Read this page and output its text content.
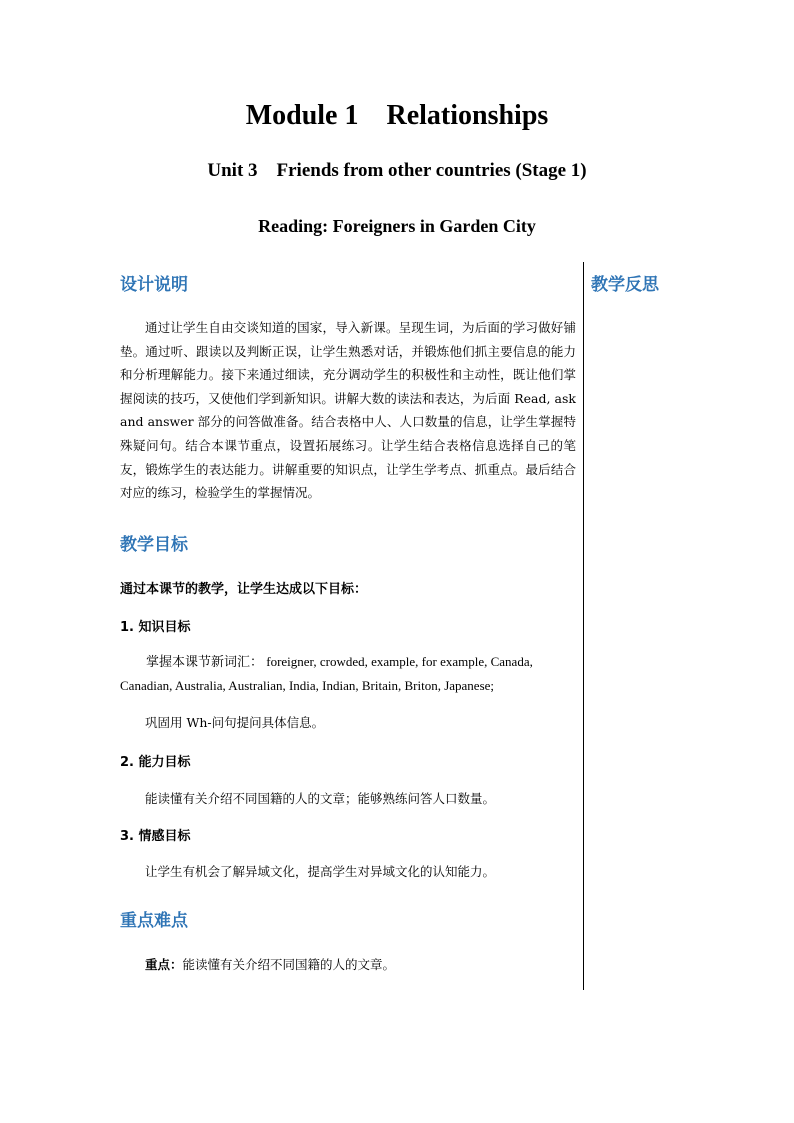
Module 1    Relationships
Unit 3    Friends from other countries (Stage 1)
Reading: Foreigners in Garden City
设计说明	教学反思
通过让学生自由交谈知道的国家，导入新课。呈现生词，为后面的学习做好铺垫。通过听、跟读以及判断正误，让学生熟悉对话，并锻炼他们抓主要信息的能力和分析理解能力。接下来通过细读，充分调动学生的积极性和主动性，既让他们掌握阅读的技巧，又使他们学到新知识。讲解大数的读法和表达，为后面 Read, ask and answer 部分的问答做准备。结合表格中人、人口数量的信息，让学生掌握特殊疑问句。结合本课节重点，设置拓展练习。让学生结合表格信息选择自己的笔友，锻炼学生的表达能力。讲解重要的知识点，让学生学考点、抓重点。最后结合对应的练习，检验学生的掌握情况。
教学目标
通过本课节的教学，让学生达成以下目标：
1. 知识目标
掌握本课节新词汇： foreigner, crowded, example, for example, Canada, Canadian, Australia, Australian, India, Indian, Britain, Briton, Japanese;
巩固用 Wh-问句提问具体信息。
2. 能力目标
能读懂有关介绍不同国籍的人的文章；能够熟练问答人口数量。
3. 情感目标
让学生有机会了解异域文化，提高学生对异域文化的认知能力。
重点难点
重点：能读懂有关介绍不同国籍的人的文章。
